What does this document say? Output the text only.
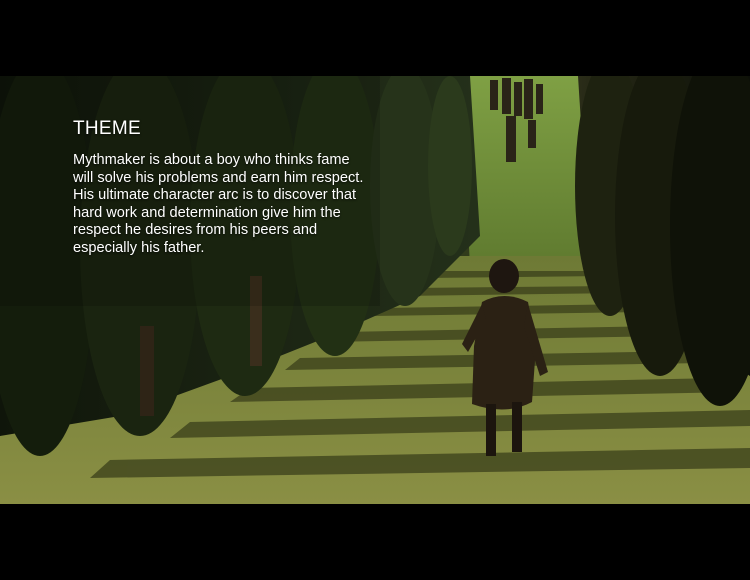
THEME

Mythmaker is about a boy who thinks fame will solve his problems and earn him respect. His ultimate character arc is to discover that hard work and determination give him the respect he desires from his peers and especially his father.
